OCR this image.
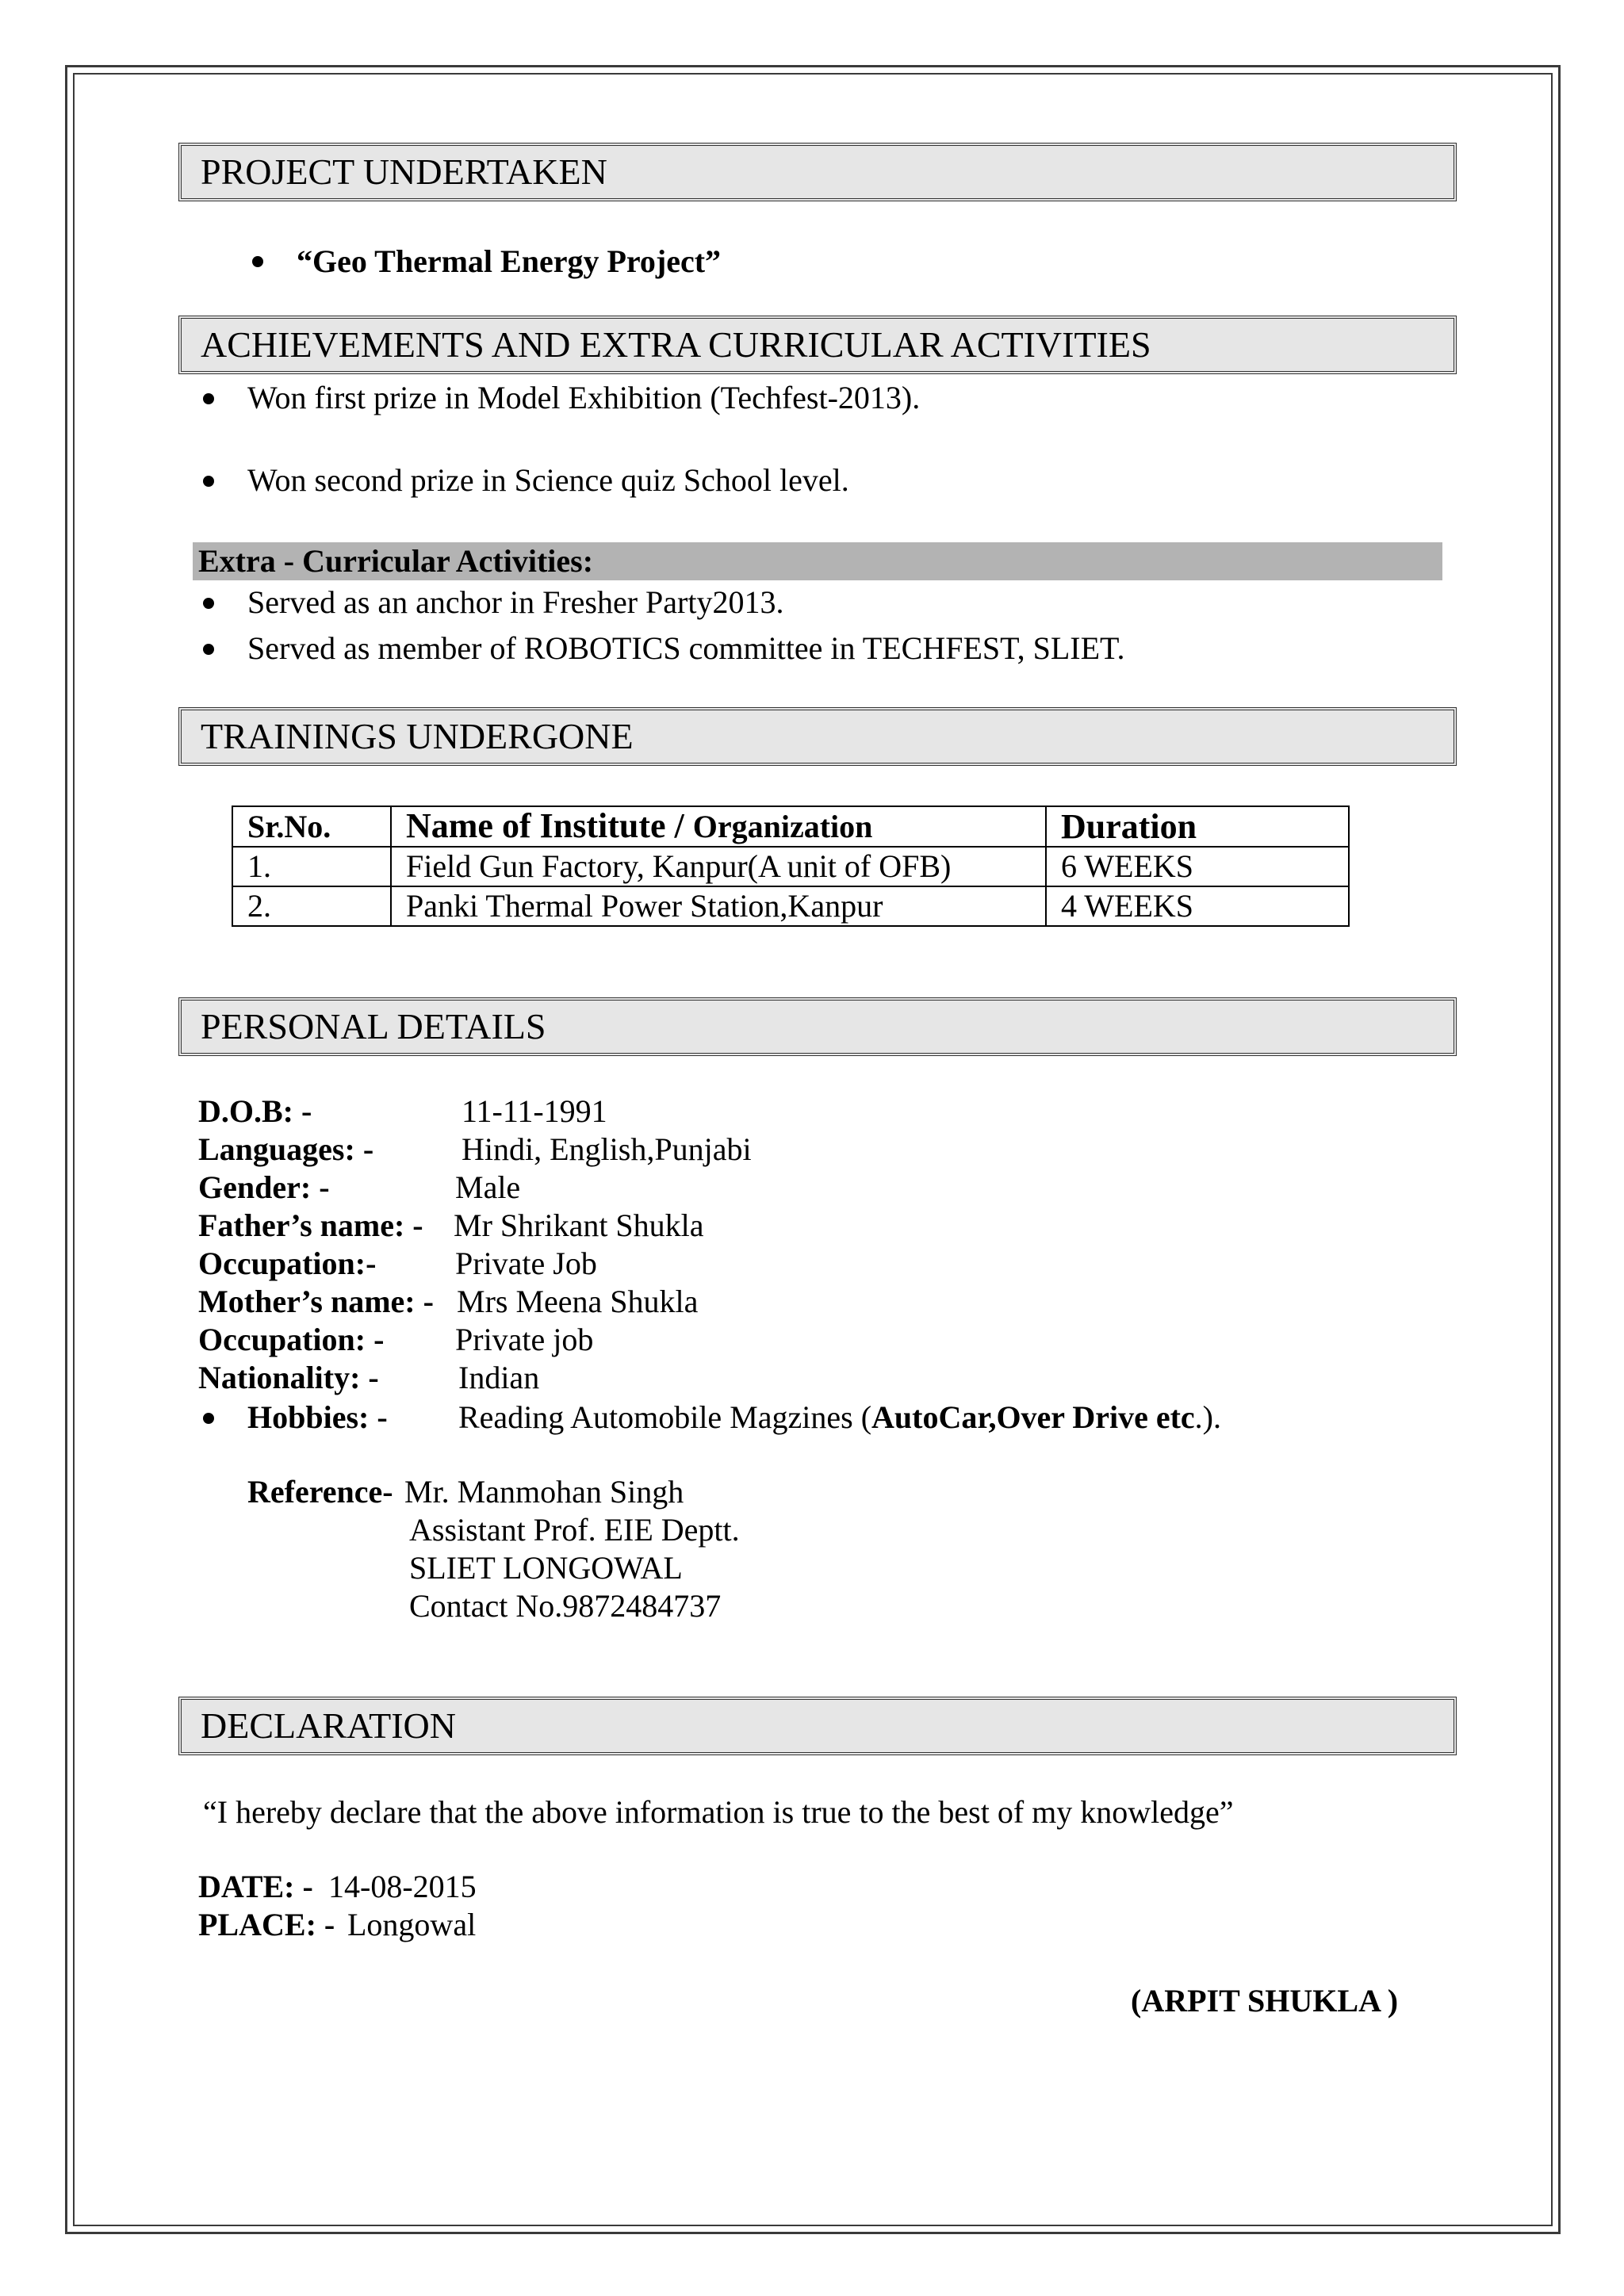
PROJECT UNDERTAKEN
“Geo Thermal Energy Project”
ACHIEVEMENTS AND EXTRA CURRICULAR ACTIVITIES
Won first prize in Model Exhibition (Techfest-2013).
Won second prize in Science quiz School level.
Extra - Curricular Activities:
Served as an anchor in Fresher Party2013.
Served as member of ROBOTICS committee in TECHFEST, SLIET.
TRAININGS UNDERGONE
Sr.No.	Name of Institute / Organization	Duration
1.	Field Gun Factory, Kanpur(A unit of OFB)	6 WEEKS
2.	Panki Thermal Power Station,Kanpur	4 WEEKS
PERSONAL DETAILS
D.O.B: -	11-11-1991
Languages: -	Hindi, English,Punjabi
Gender: -	Male
Father’s name: - Mr Shrikant Shukla
Occupation:- Private Job
Mother’s name: - Mrs Meena Shukla
Occupation: - Private job
Nationality: -	Indian
Hobbies: - Reading Automobile Magzines (AutoCar,Over Drive etc.).
Reference- Mr. Manmohan Singh
Assistant Prof. EIE Deptt.
SLIET LONGOWAL
Contact No.9872484737
DECLARATION
“I hereby declare that the above information is true to the best of my knowledge”
DATE: - 14-08-2015
PLACE: - Longowal
(ARPIT SHUKLA )
